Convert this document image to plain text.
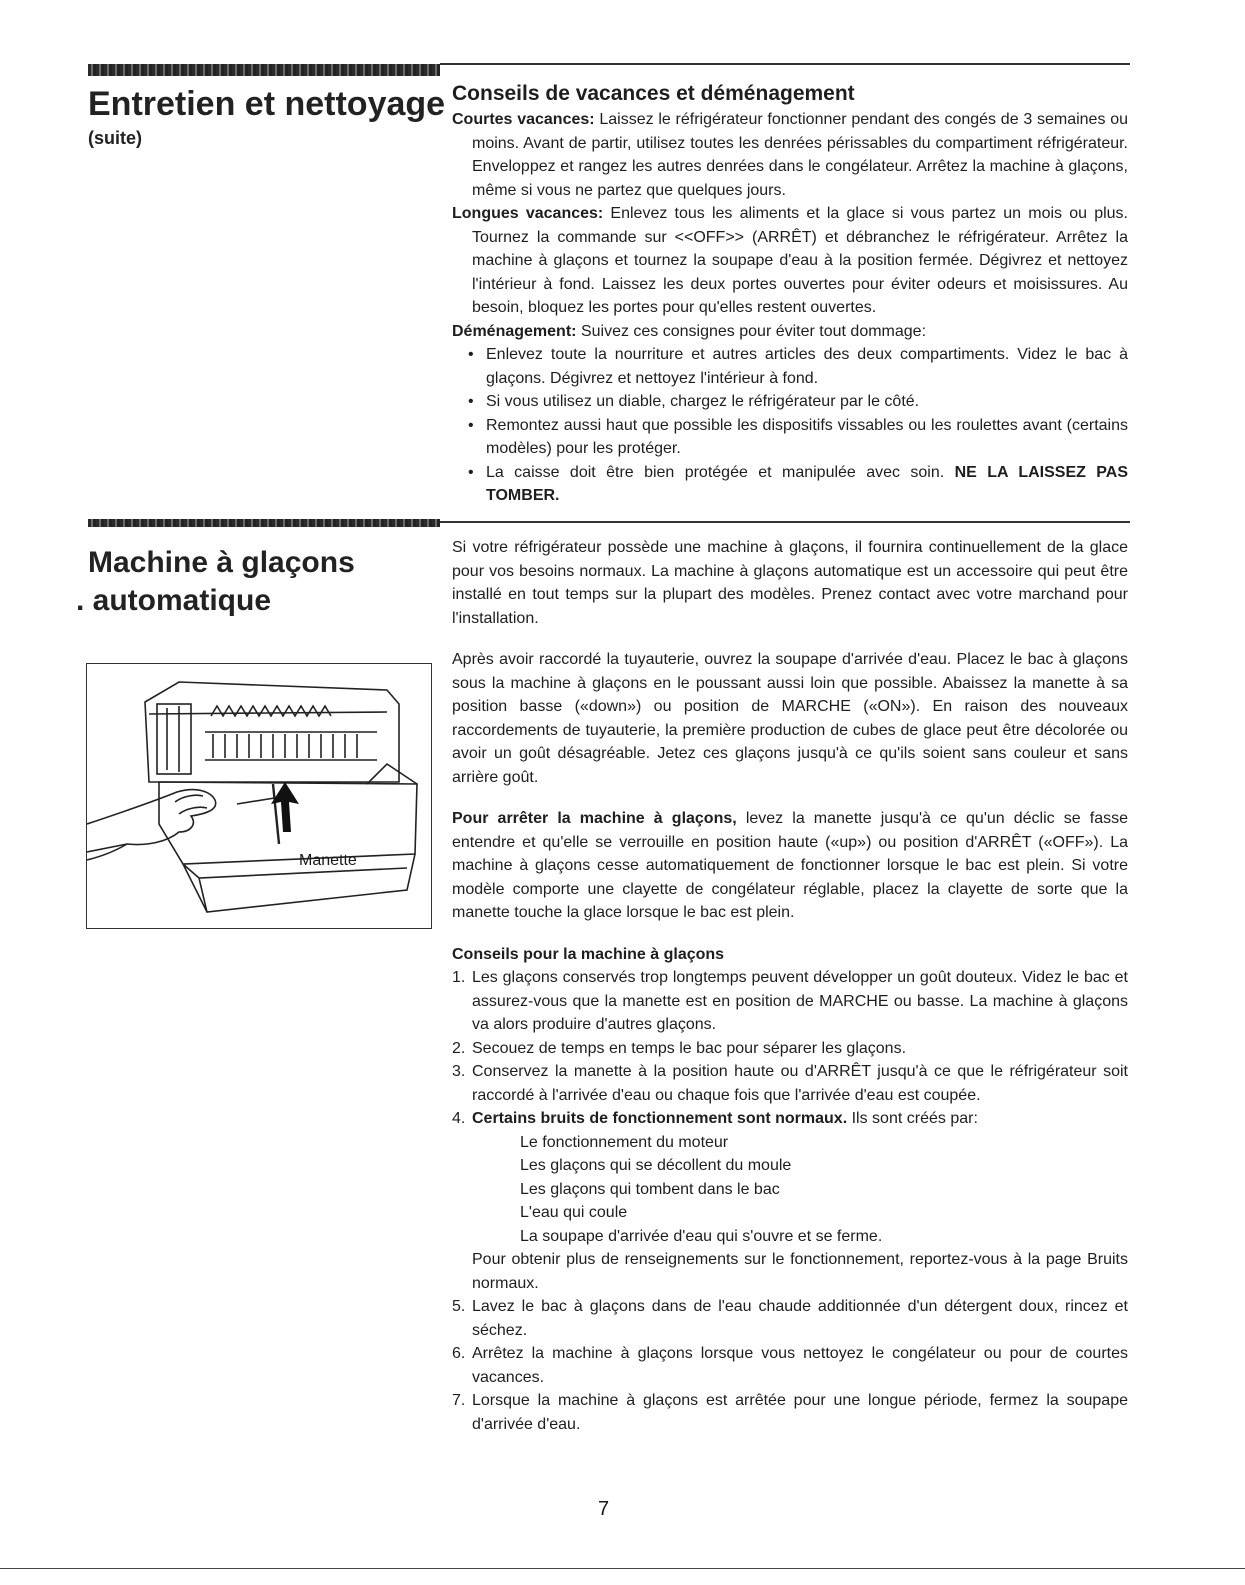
Entretien et nettoyage
(suite)

Conseils de vacances et déménagement

Courtes vacances: Laissez le réfrigérateur fonctionner pendant des congés de 3 semaines ou moins. Avant de partir, utilisez toutes les denrées périssables du compartiment réfrigérateur. Enveloppez et rangez les autres denrées dans le congélateur. Arrêtez la machine à glaçons, même si vous ne partez que quelques jours.

Longues vacances: Enlevez tous les aliments et la glace si vous partez un mois ou plus. Tournez la commande sur <<OFF>> (ARRÊT) et débranchez le réfrigérateur. Arrêtez la machine à glaçons et tournez la soupape d'eau à la position fermée. Dégivrez et nettoyez l'intérieur à fond. Laissez les deux portes ouvertes pour éviter odeurs et moisissures. Au besoin, bloquez les portes pour qu'elles restent ouvertes.

Déménagement: Suivez ces consignes pour éviter tout dommage:

• Enlevez toute la nourriture et autres articles des deux compartiments. Videz le bac à glaçons. Dégivrez et nettoyez l'intérieur à fond.
• Si vous utilisez un diable, chargez le réfrigérateur par le côté.
• Remontez aussi haut que possible les dispositifs vissables ou les roulettes avant (certains modèles) pour les protéger.
• La caisse doit être bien protégée et manipulée avec soin. NE LA LAISSEZ PAS TOMBER.
Machine à glaçons
. automatique
Manette

Si votre réfrigérateur possède une machine à glaçons, il fournira continuellement de la glace pour vos besoins normaux. La machine à glaçons automatique est un accessoire qui peut être installé en tout temps sur la plupart des modèles. Prenez contact avec votre marchand pour l'installation.

Après avoir raccordé la tuyauterie, ouvrez la soupape d'arrivée d'eau. Placez le bac à glaçons sous la machine à glaçons en le poussant aussi loin que possible. Abaissez la manette à sa position basse («down») ou position de MARCHE («ON»). En raison des nouveaux raccordements de tuyauterie, la première production de cubes de glace peut être décolorée ou avoir un goût désagréable. Jetez ces glaçons jusqu'à ce qu'ils soient sans couleur et sans arrière goût.

Pour arrêter la machine à glaçons, levez la manette jusqu'à ce qu'un déclic se fasse entendre et qu'elle se verrouille en position haute («up») ou position d'ARRÊT («OFF»). La machine à glaçons cesse automatiquement de fonctionner lorsque le bac est plein. Si votre modèle comporte une clayette de congélateur réglable, placez la clayette de sorte que la manette touche la glace lorsque le bac est plein.

Conseils pour la machine à glaçons

1. Les glaçons conservés trop longtemps peuvent développer un goût douteux. Videz le bac et assurez-vous que la manette est en position de MARCHE ou basse. La machine à glaçons va alors produire d'autres glaçons.
2. Secouez de temps en temps le bac pour séparer les glaçons.
3. Conservez la manette à la position haute ou d'ARRÊT jusqu'à ce que le réfrigérateur soit raccordé à l'arrivée d'eau ou chaque fois que l'arrivée d'eau est coupée.
4. Certains bruits de fonctionnement sont normaux. Ils sont créés par:
Le fonctionnement du moteur
Les glaçons qui se décollent du moule
Les glaçons qui tombent dans le bac
L'eau qui coule
La soupape d'arrivée d'eau qui s'ouvre et se ferme.
Pour obtenir plus de renseignements sur le fonctionnement, reportez-vous à la page Bruits normaux.
5. Lavez le bac à glaçons dans de l'eau chaude additionnée d'un détergent doux, rincez et séchez.
6. Arrêtez la machine à glaçons lorsque vous nettoyez le congélateur ou pour de courtes vacances.
7. Lorsque la machine à glaçons est arrêtée pour une longue période, fermez la soupape d'arrivée d'eau.
7
